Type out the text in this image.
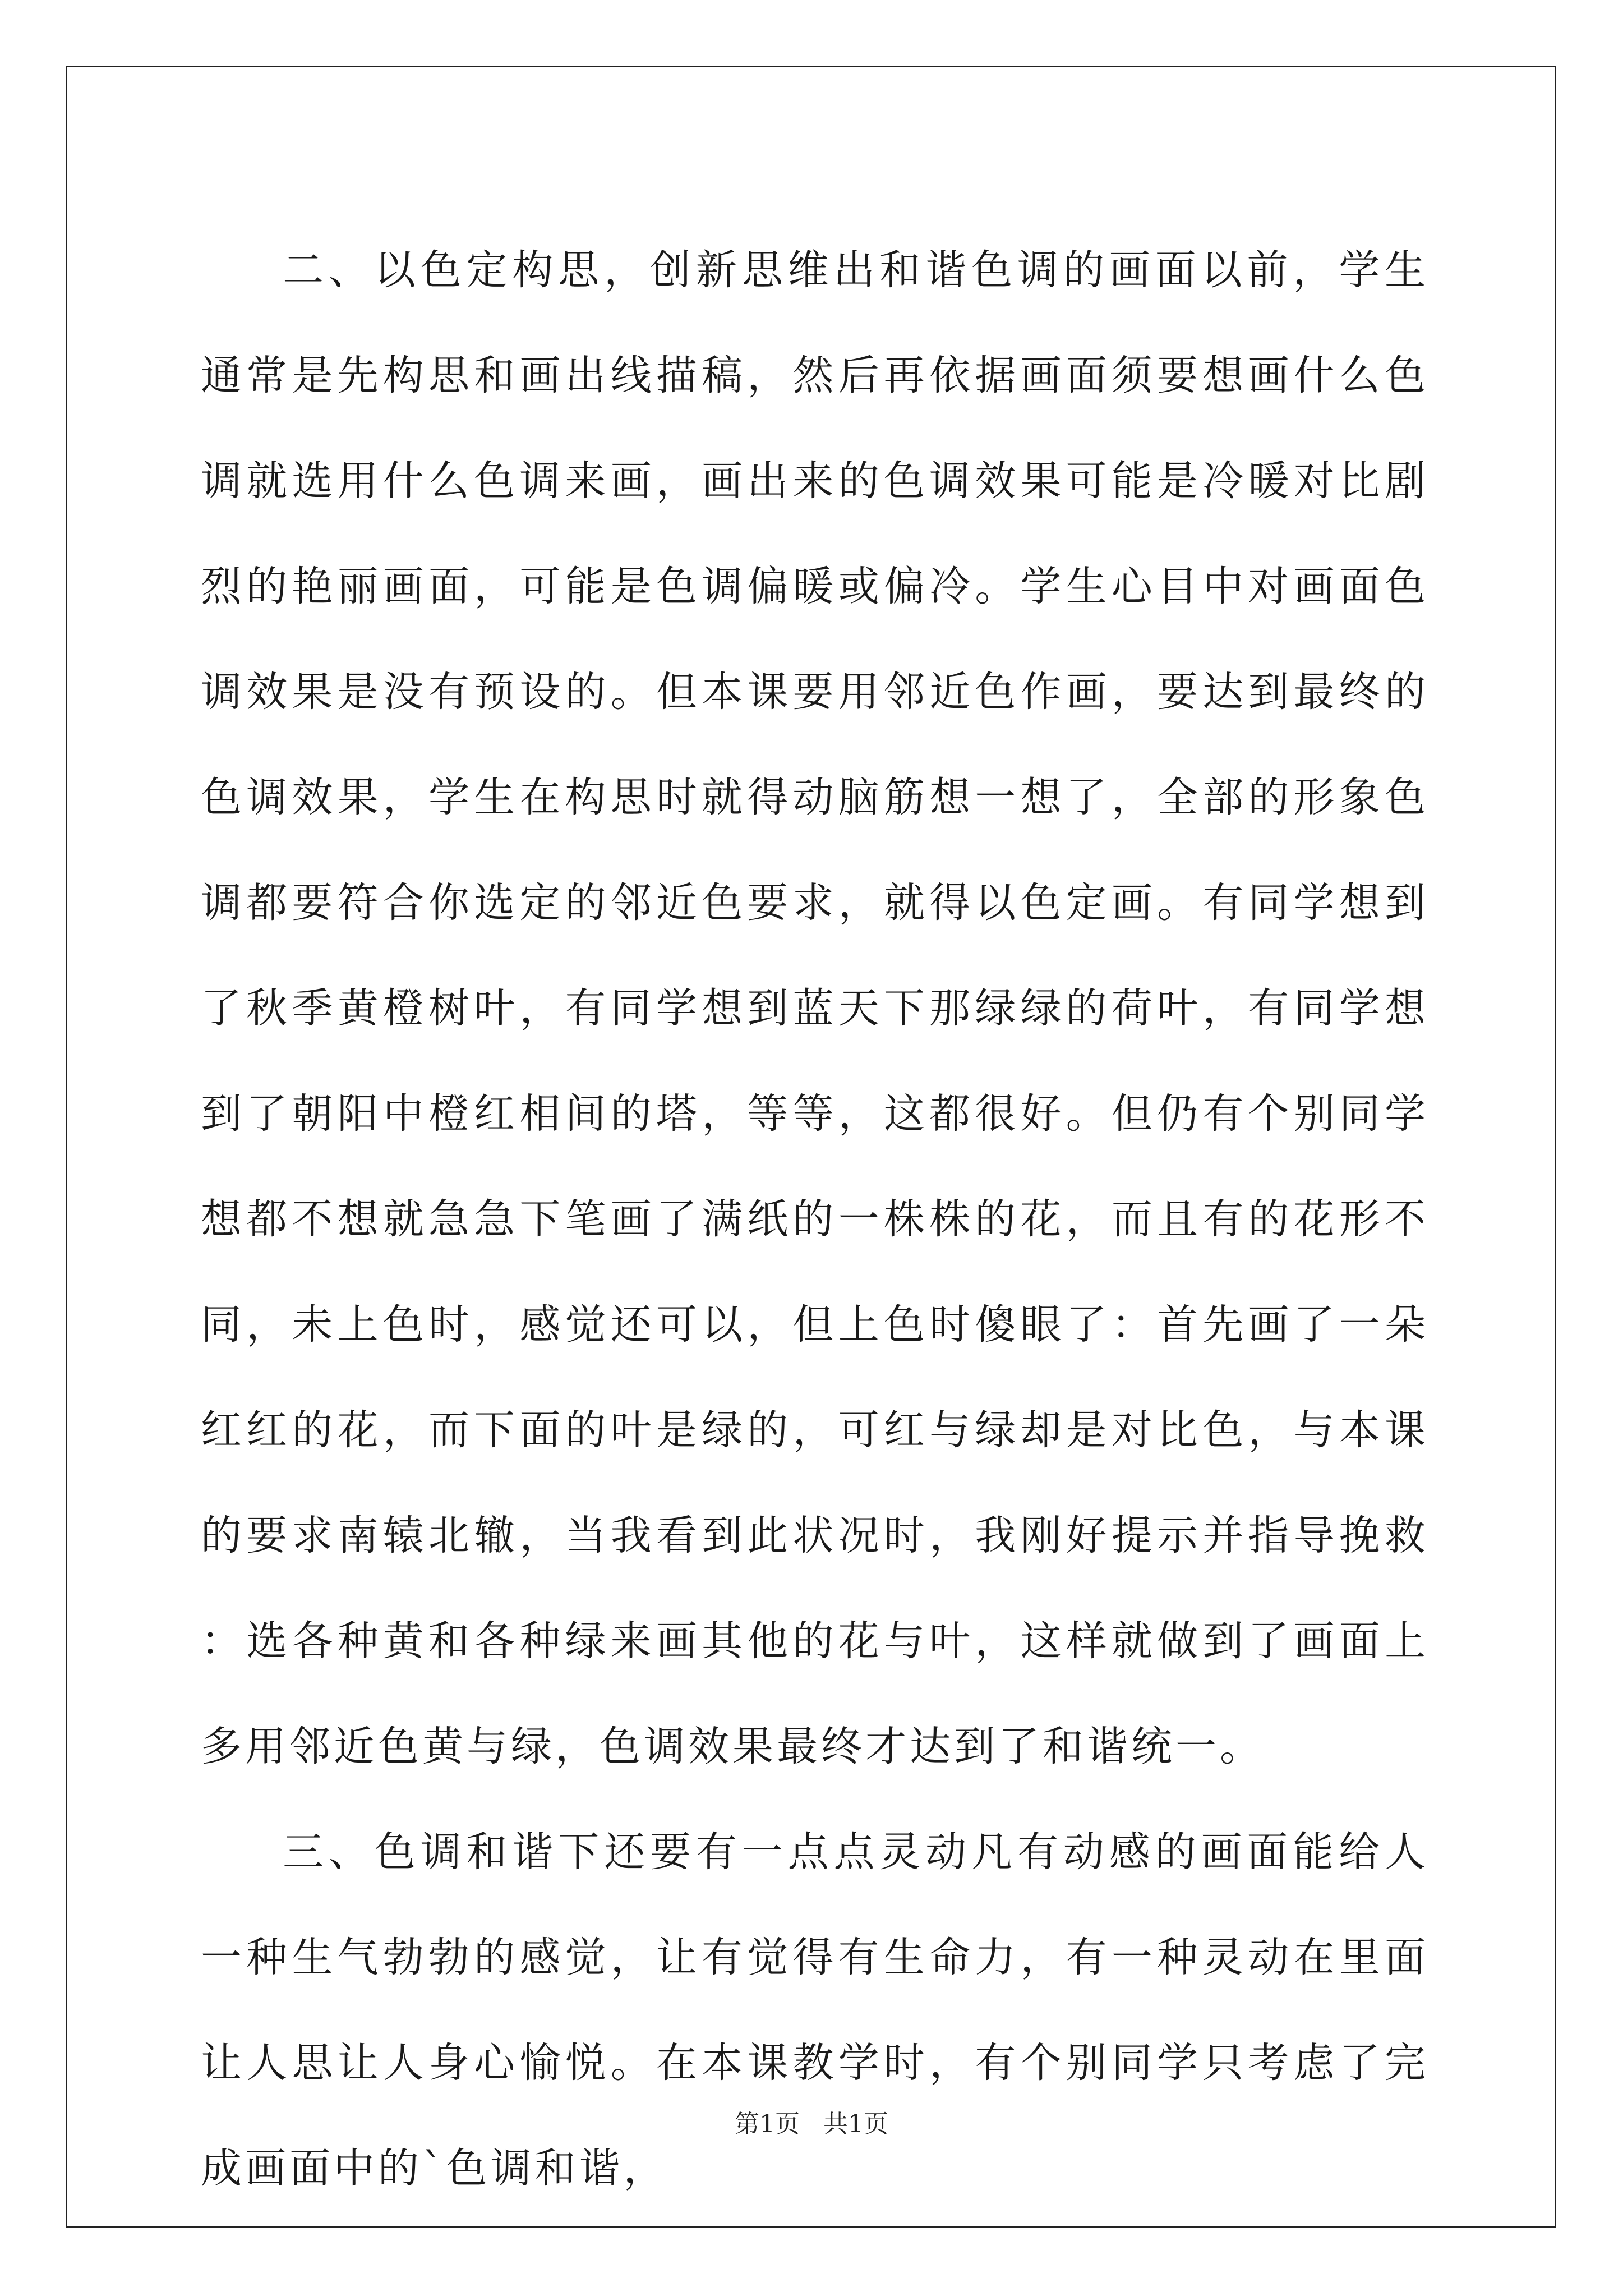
二、以色定构思，创新思维出和谐色调的画面以前，学生通常是先构思和画出线描稿，然后再依据画面须要想画什么色调就选用什么色调来画，画出来的色调效果可能是冷暖对比剧烈的艳丽画面，可能是色调偏暖或偏冷。学生心目中对画面色调效果是没有预设的。但本课要用邻近色作画，要达到最终的色调效果，学生在构思时就得动脑筋想一想了，全部的形象色调都要符合你选定的邻近色要求，就得以色定画。有同学想到了秋季黄橙树叶，有同学想到蓝天下那绿绿的荷叶，有同学想到了朝阳中橙红相间的塔，等等，这都很好。但仍有个别同学想都不想就急急下笔画了满纸的一株株的花，而且有的花形不同，未上色时，感觉还可以，但上色时傻眼了：首先画了一朵红红的花，而下面的叶是绿的，可红与绿却是对比色，与本课的要求南辕北辙，当我看到此状况时，我刚好提示并指导挽救：选各种黄和各种绿来画其他的花与叶，这样就做到了画面上多用邻近色黄与绿，色调效果最终才达到了和谐统一。

三、色调和谐下还要有一点点灵动凡有动感的画面能给人一种生气勃勃的感觉，让有觉得有生命力，有一种灵动在里面让人思让人身心愉悦。在本课教学时，有个别同学只考虑了完成画面中的`色调和谐，

第1页 共1页
